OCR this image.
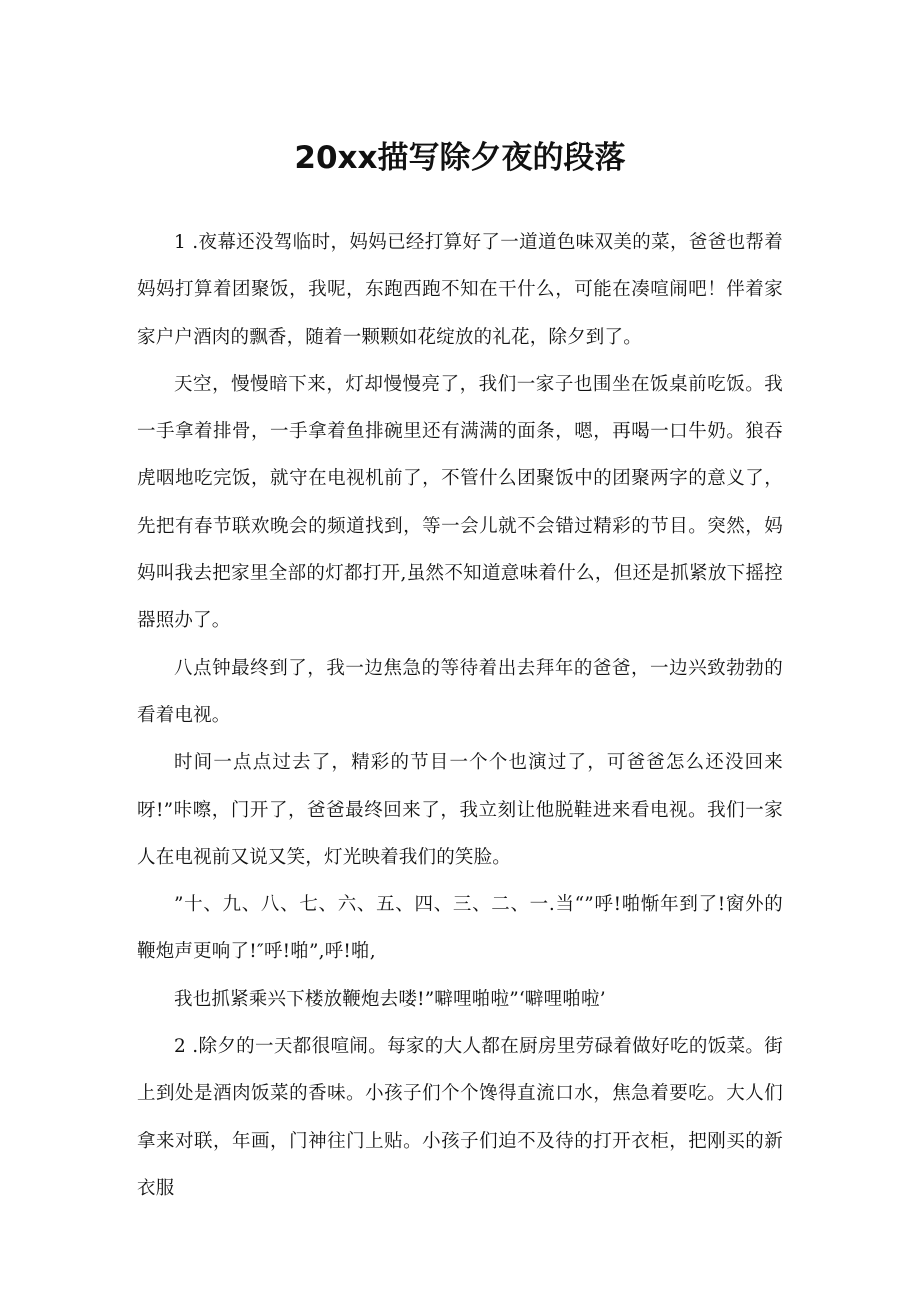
20xx描写除夕夜的段落

1 .夜幕还没驾临时，妈妈已经打算好了一道道色味双美的菜，爸爸也帮着妈妈打算着团聚饭，我呢，东跑西跑不知在干什么，可能在凑喧闹吧！伴着家家户户酒肉的飘香，随着一颗颗如花绽放的礼花，除夕到了。

天空，慢慢暗下来，灯却慢慢亮了，我们一家子也围坐在饭桌前吃饭。我一手拿着排骨，一手拿着鱼排碗里还有满满的面条，嗯，再喝一口牛奶。狼吞虎咽地吃完饭，就守在电视机前了，不管什么团聚饭中的团聚两字的意义了，先把有春节联欢晚会的频道找到，等一会儿就不会错过精彩的节目。突然，妈妈叫我去把家里全部的灯都打开,虽然不知道意味着什么，但还是抓紧放下摇控器照办了。

八点钟最终到了，我一边焦急的等待着出去拜年的爸爸，一边兴致勃勃的看着电视。

时间一点点过去了，精彩的节目一个个也演过了，可爸爸怎么还没回来呀!”咔嚓，门开了，爸爸最终回来了，我立刻让他脱鞋进来看电视。我们一家人在电视前又说又笑，灯光映着我们的笑脸。

”十、九、八、七、六、五、四、三、二、一.当“”呼!啪惭年到了!窗外的鞭炮声更响了!″呼!啪”,呼!啪,

我也抓紧乘兴下楼放鞭炮去喽!”噼哩啪啦”‘噼哩啪啦’

2 .除夕的一天都很喧闹。每家的大人都在厨房里劳碌着做好吃的饭菜。街上到处是酒肉饭菜的香味。小孩子们个个馋得直流口水，焦急着要吃。大人们拿来对联，年画，门神往门上贴。小孩子们迫不及待的打开衣柜，把刚买的新衣服
